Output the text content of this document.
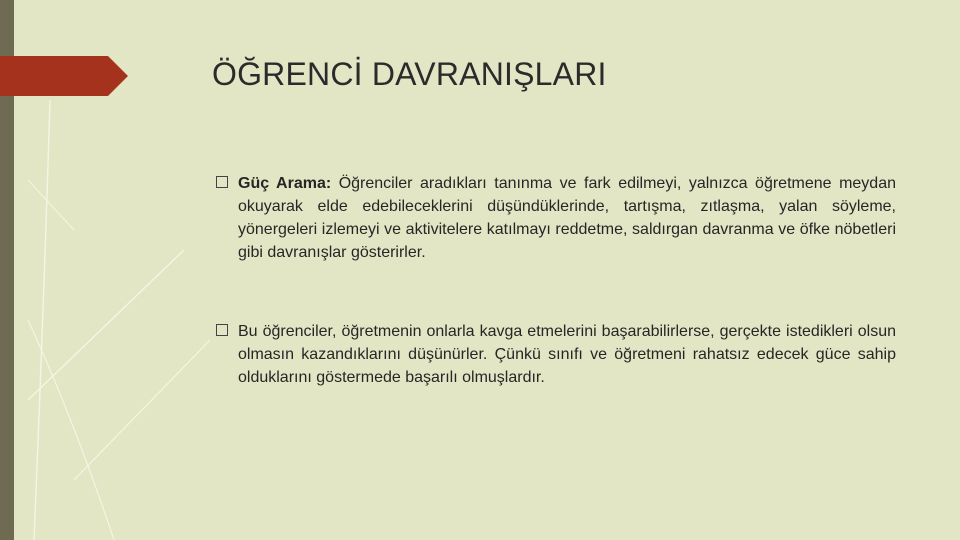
ÖĞRENCİ DAVRANIŞLARI
Güç Arama: Öğrenciler aradıkları tanınma ve fark edilmeyi, yalnızca öğretmene meydan okuyarak elde edebileceklerini düşündüklerinde, tartışma, zıtlaşma, yalan söyleme, yönergeleri izlemeyi ve aktivitelere katılmayı reddetme, saldırgan davranma ve öfke nöbetleri gibi davranışlar gösterirler.
Bu öğrenciler, öğretmenin onlarla kavga etmelerini başarabilirlerse, gerçekte istedikleri olsun olmasın kazandıklarını düşünürler. Çünkü sınıfı ve öğretmeni rahatsız edecek güce sahip olduklarını göstermede başarılı olmuşlardır.
